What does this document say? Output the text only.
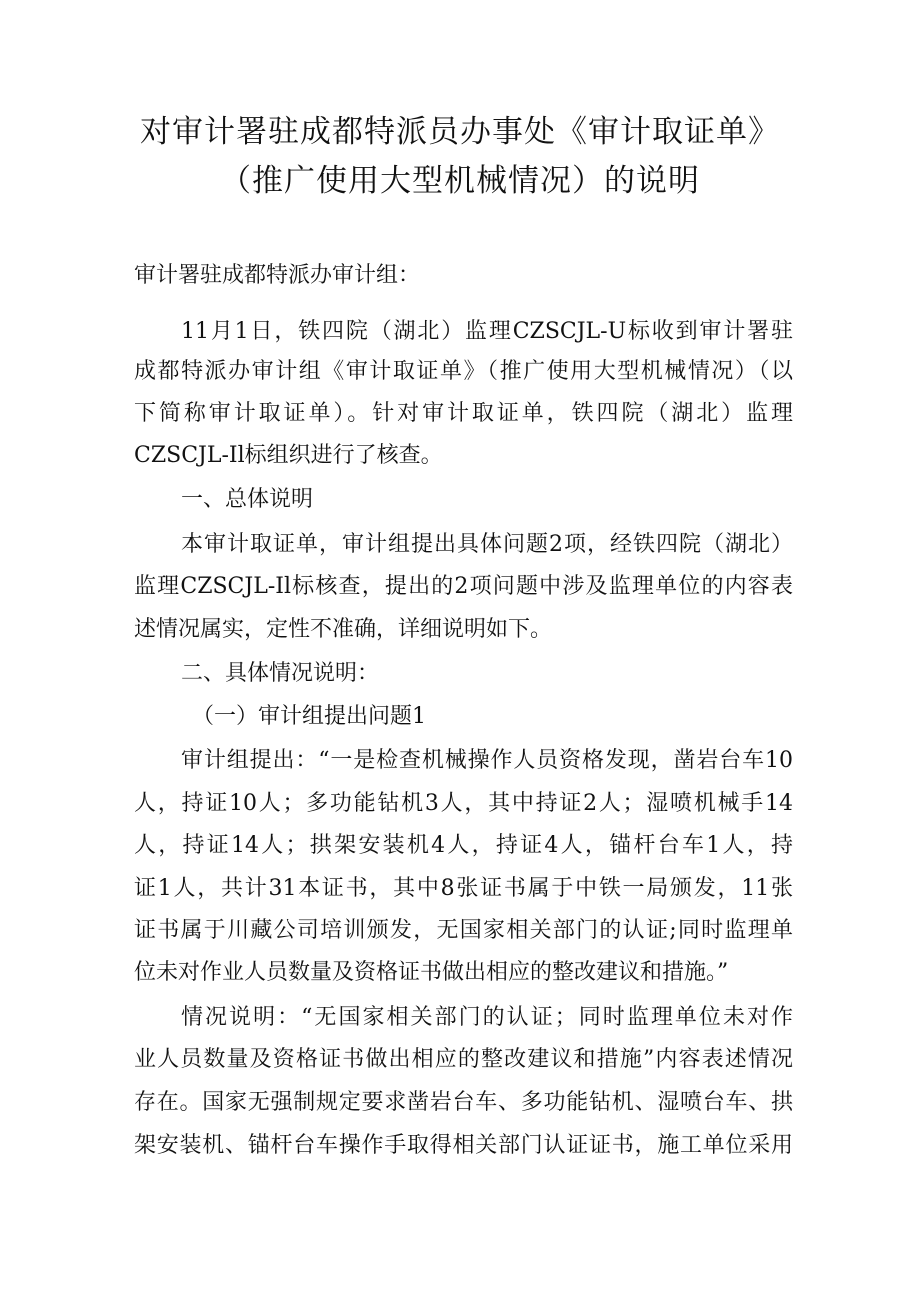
对审计署驻成都特派员办事处《审计取证单》
（推广使用大型机械情况）的说明
审计署驻成都特派办审计组：
11月1日，铁四院（湖北）监理CZSCJL-U标收到审计署驻
成都特派办审计组《审计取证单》（推广使用大型机械情况）（以
下简称审计取证单）。针对审计取证单，铁四院（湖北）监理
CZSCJL-Il标组织进行了核查。
一、总体说明
本审计取证单，审计组提出具体问题2项，经铁四院（湖北）
监理CZSCJL-Il标核查，提出的2项问题中涉及监理单位的内容表
述情况属实，定性不准确，详细说明如下。
二、具体情况说明：
（一）审计组提出问题1
审计组提出：“一是检查机械操作人员资格发现，凿岩台车10
人，持证10人；多功能钻机3人，其中持证2人；湿喷机械手14
人，持证14人；拱架安装机4人，持证4人，锚杆台车1人，持
证1人，共计31本证书，其中8张证书属于中铁一局颁发，11张
证书属于川藏公司培训颁发，无国家相关部门的认证;同时监理单
位未对作业人员数量及资格证书做出相应的整改建议和措施。”
情况说明：“无国家相关部门的认证；同时监理单位未对作
业人员数量及资格证书做出相应的整改建议和措施”内容表述情况
存在。国家无强制规定要求凿岩台车、多功能钻机、湿喷台车、拱
架安装机、锚杆台车操作手取得相关部门认证证书，施工单位采用
